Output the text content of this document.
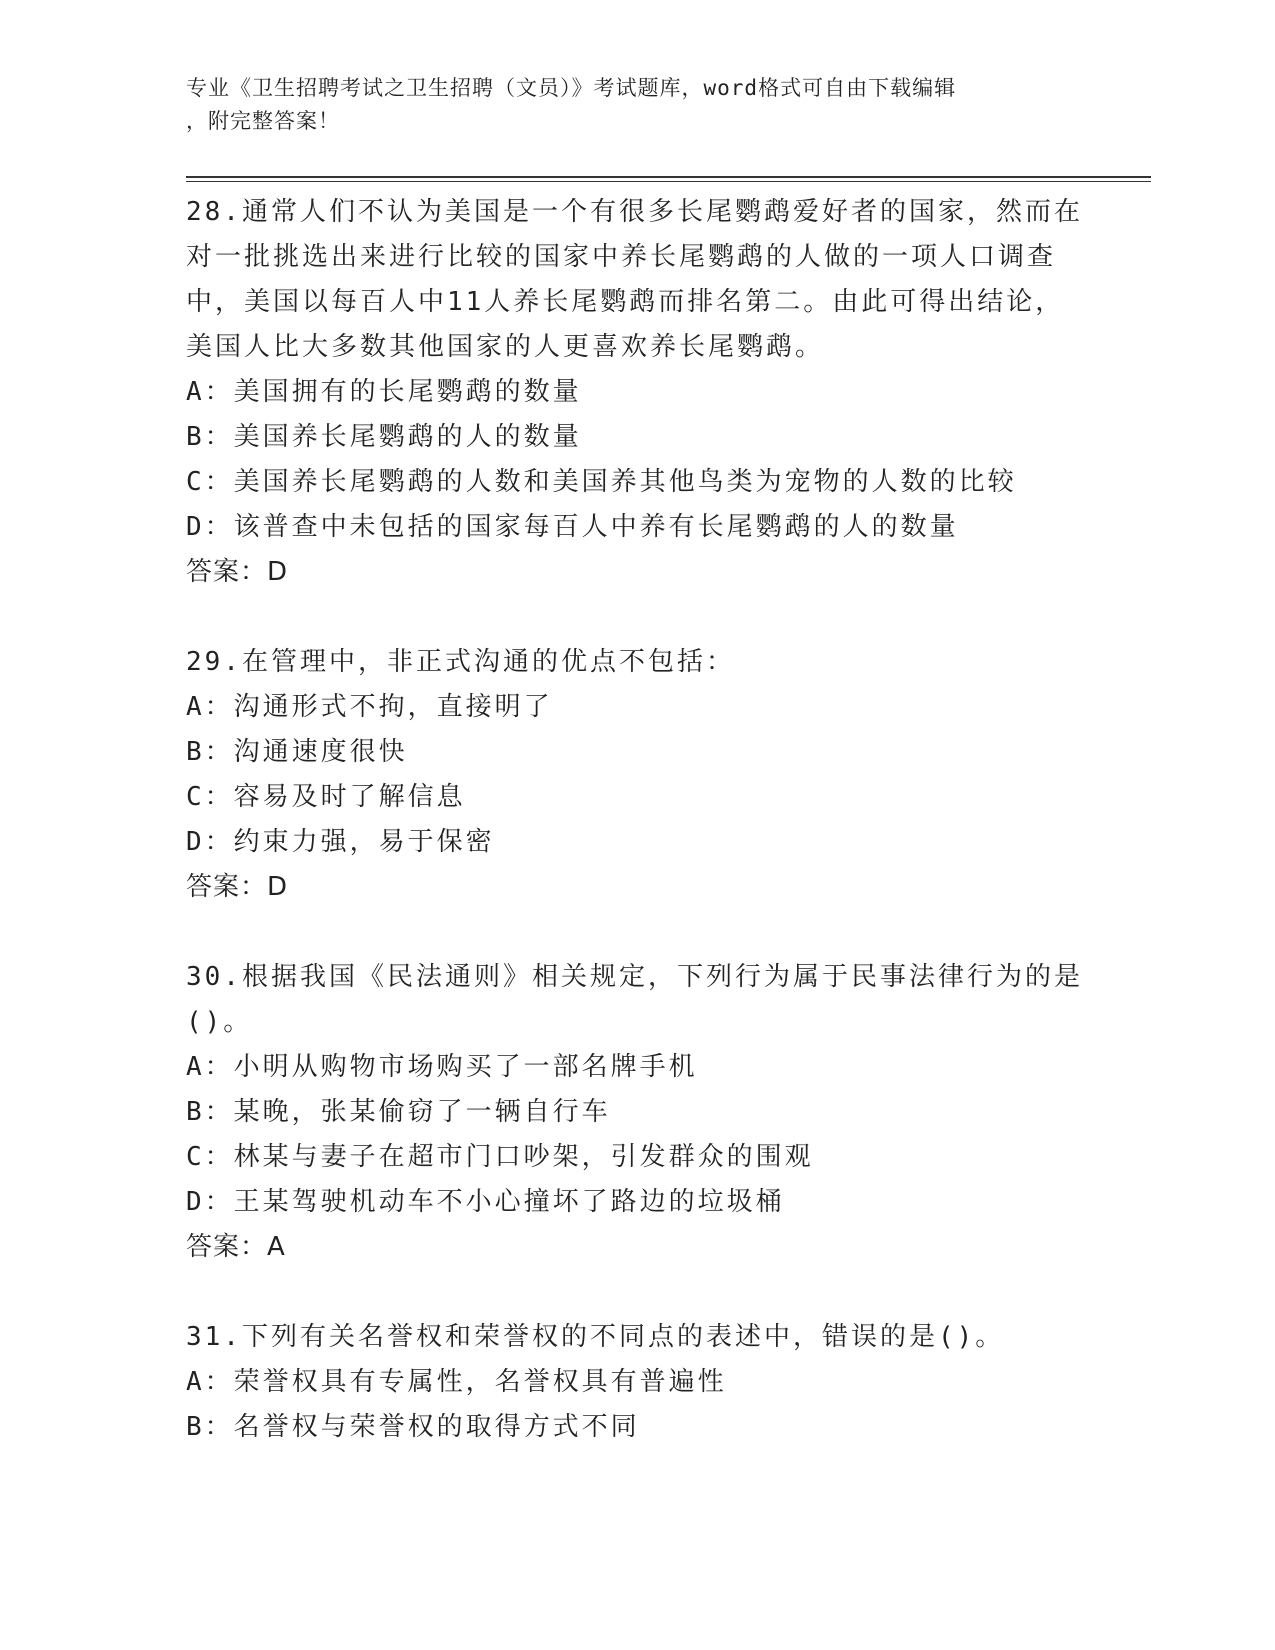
专业《卫生招聘考试之卫生招聘（文员）》考试题库，word格式可自由下载编辑
，附完整答案！

28.通常人们不认为美国是一个有很多长尾鹦鹉爱好者的国家，然而在对一批挑选出来进行比较的国家中养长尾鹦鹉的人做的一项人口调查中，美国以每百人中11人养长尾鹦鹉而排名第二。由此可得出结论，美国人比大多数其他国家的人更喜欢养长尾鹦鹉。

A：美国拥有的长尾鹦鹉的数量

B：美国养长尾鹦鹉的人的数量

C：美国养长尾鹦鹉的人数和美国养其他鸟类为宠物的人数的比较

D：该普查中未包括的国家每百人中养有长尾鹦鹉的人的数量

答案：D

29.在管理中，非正式沟通的优点不包括：

A：沟通形式不拘，直接明了

B：沟通速度很快

C：容易及时了解信息

D：约束力强，易于保密

答案：D

30.根据我国《民法通则》相关规定，下列行为属于民事法律行为的是()。

A：小明从购物市场购买了一部名牌手机

B：某晚，张某偷窃了一辆自行车

C：林某与妻子在超市门口吵架，引发群众的围观

D：王某驾驶机动车不小心撞坏了路边的垃圾桶

答案：A

31.下列有关名誉权和荣誉权的不同点的表述中，错误的是()。

A：荣誉权具有专属性，名誉权具有普遍性

B：名誉权与荣誉权的取得方式不同
